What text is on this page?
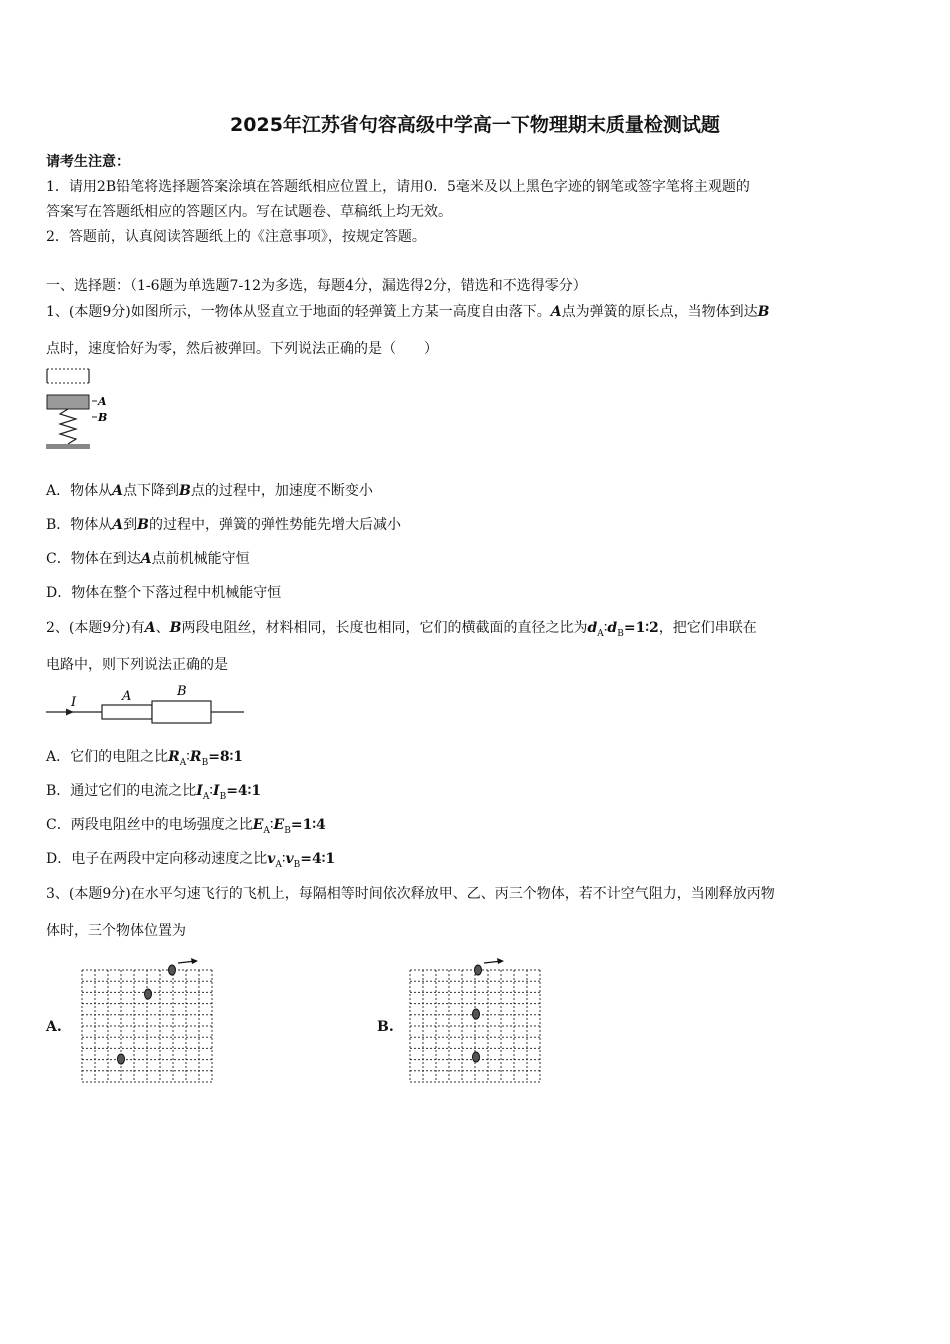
2025年江苏省句容高级中学高一下物理期末质量检测试题
请考生注意：
1．请用2B铅笔将选择题答案涂填在答题纸相应位置上，请用0．5毫米及以上黑色字迹的钢笔或签字笔将主观题的
答案写在答题纸相应的答题区内。写在试题卷、草稿纸上均无效。
2．答题前，认真阅读答题纸上的《注意事项》，按规定答题。
一、选择题：（1-6题为单选题7-12为多选，每题4分，漏选得2分，错选和不选得零分）
1、(本题9分)如图所示，一物体从竖直立于地面的轻弹簧上方某一高度自由落下。A点为弹簧的原长点，当物体到达B
点时，速度恰好为零，然后被弹回。下列说法正确的是（　　）
A
B
A．物体从A点下降到B点的过程中，加速度不断变小
B．物体从A到B的过程中，弹簧的弹性势能先增大后减小
C．物体在到达A点前机械能守恒
D．物体在整个下落过程中机械能守恒
2、(本题9分)有A、B两段电阻丝，材料相同，长度也相同，它们的横截面的直径之比为$d_A∶d_B=1∶2$，把它们串联在
电路中，则下列说法正确的是
I	A	B
A．它们的电阻之比$R_A∶R_B=8∶1$
B．通过它们的电流之比$I_A∶I_B=4∶1$
C．两段电阻丝中的电场强度之比$E_A∶E_B=1∶4$
D．电子在两段中定向移动速度之比$v_A∶v_B=4∶1$
3、(本题9分)在水平匀速飞行的飞机上，每隔相等时间依次释放甲、乙、丙三个物体，若不计空气阻力，当刚释放丙物
体时，三个物体位置为
A.	B.
